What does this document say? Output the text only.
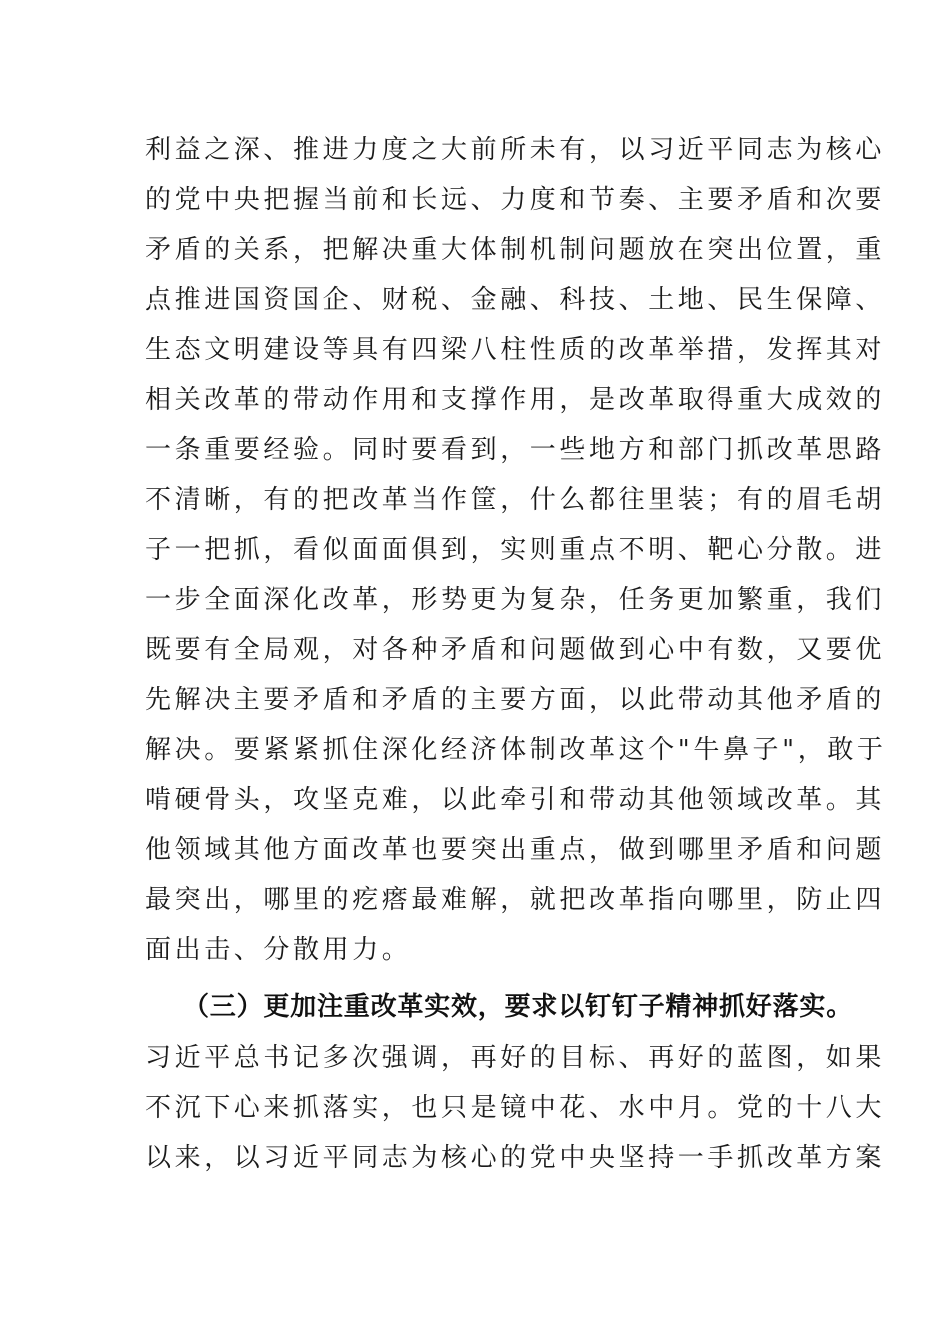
利益之深、推进力度之大前所未有，以习近平同志为核心
的党中央把握当前和长远、力度和节奏、主要矛盾和次要
矛盾的关系，把解决重大体制机制问题放在突出位置，重
点推进国资国企、财税、金融、科技、土地、民生保障、
生态文明建设等具有四梁八柱性质的改革举措，发挥其对
相关改革的带动作用和支撑作用，是改革取得重大成效的
一条重要经验。同时要看到，一些地方和部门抓改革思路
不清晰，有的把改革当作筐，什么都往里装；有的眉毛胡
子一把抓，看似面面俱到，实则重点不明、靶心分散。进
一步全面深化改革，形势更为复杂，任务更加繁重，我们
既要有全局观，对各种矛盾和问题做到心中有数，又要优
先解决主要矛盾和矛盾的主要方面，以此带动其他矛盾的
解决。要紧紧抓住深化经济体制改革这个"牛鼻子"，敢于
啃硬骨头，攻坚克难，以此牵引和带动其他领域改革。其
他领域其他方面改革也要突出重点，做到哪里矛盾和问题
最突出，哪里的疙瘩最难解，就把改革指向哪里，防止四
面出击、分散用力。
（三）更加注重改革实效，要求以钉钉子精神抓好落实。
习近平总书记多次强调，再好的目标、再好的蓝图，如果
不沉下心来抓落实，也只是镜中花、水中月。党的十八大
以来，以习近平同志为核心的党中央坚持一手抓改革方案
